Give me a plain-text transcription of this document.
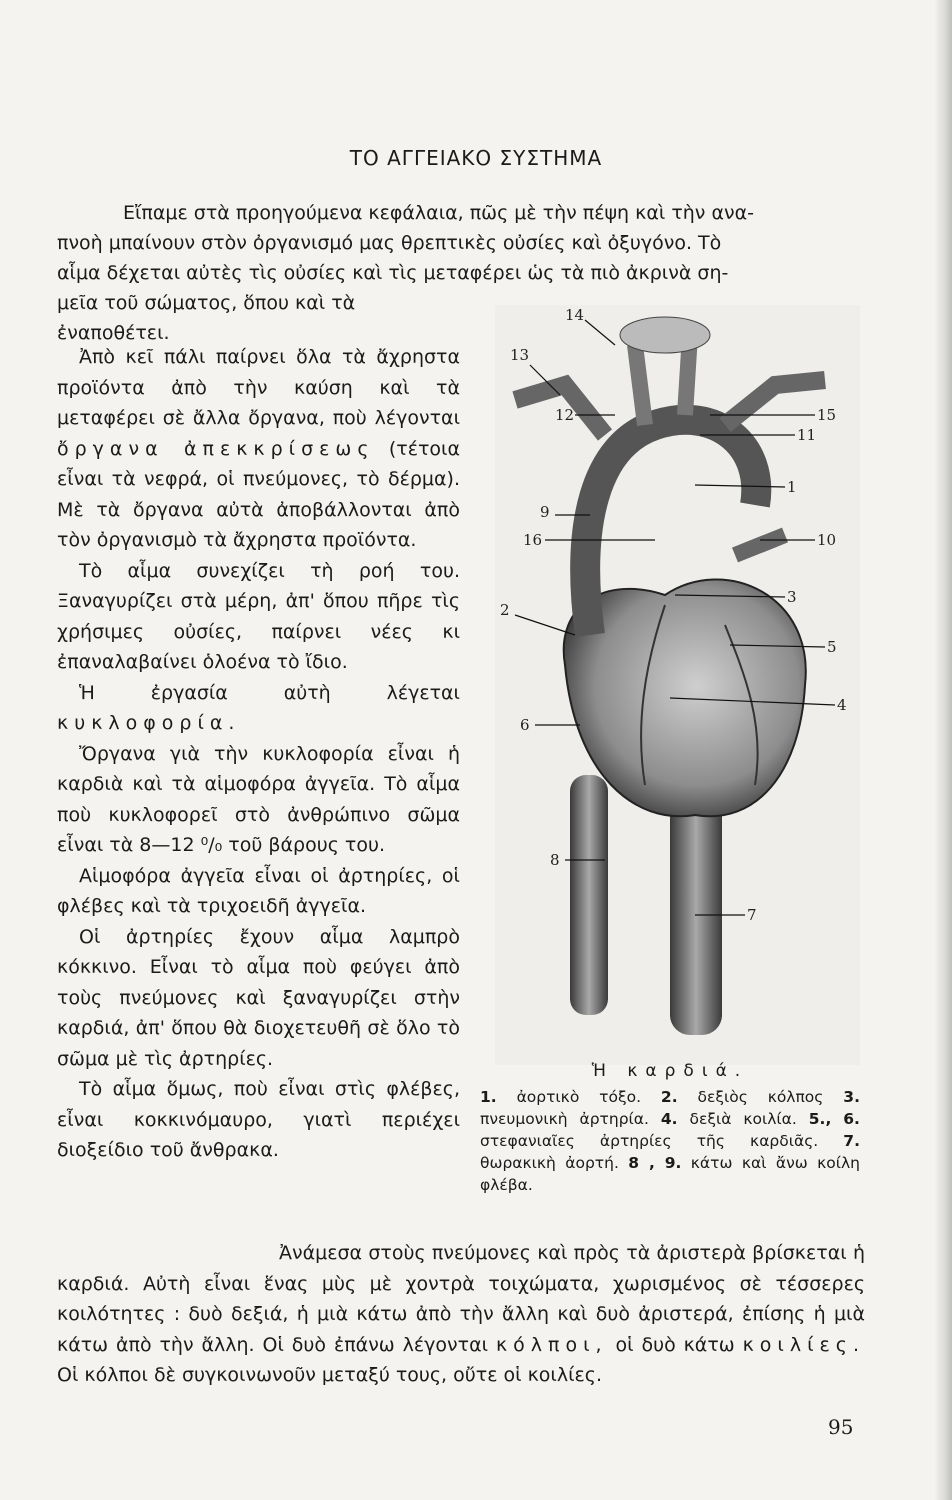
ΤΟ ΑΓΓΕΙΑΚΟ ΣΥΣΤΗΜΑ
Εἴπαμε στὰ προηγούμενα κεφάλαια, πῶς μὲ τὴν πέψη καὶ τὴν ανα-
πνοὴ μπαίνουν στὸν ὀργανισμό μας θρεπτικὲς οὐσίες καὶ ὀξυγόνο. Τὸ
αἷμα δέχεται αὐτὲς τὶς οὐσίες καὶ τὶς μεταφέρει ὡς τὰ πιὸ ἀκρινὰ ση-
μεῖα τοῦ σώματος, ὅπου καὶ τὰ
ἐναποθέτει.

Ἀπὸ κεῖ πάλι παίρνει ὅλα τὰ ἄχρηστα προϊόντα ἀπὸ τὴν καύση καὶ τὰ μεταφέρει σὲ ἄλλα ὄργανα, ποὺ λέγονται ὄργανα ἀπεκκρίσεως (τέτοια εἶναι τὰ νεφρά, οἱ πνεύμονες, τὸ δέρμα). Μὲ τὰ ὄργανα αὐτὰ ἀποβάλλονται ἀπὸ τὸν ὀργανισμὸ τὰ ἄχρηστα προϊόντα.

Τὸ αἷμα συνεχίζει τὴ ροή του. Ξαναγυρίζει στὰ μέρη, ἀπ' ὅπου πῆρε τὶς χρήσιμες οὐσίες, παίρνει νέες κι ἐπαναλαβαίνει ὁλοένα τὸ ἴδιο.

Ἡ ἐργασία αὐτὴ λέγεται κυκλοφορία.

Ὄργανα γιὰ τὴν κυκλοφορία εἶναι ἡ καρδιὰ καὶ τὰ αἱμοφόρα ἀγγεῖα. Τὸ αἷμα ποὺ κυκλοφορεῖ στὸ ἀνθρώπινο σῶμα εἶναι τὰ 8—12 ⁰/₀ τοῦ βάρους του.

Αἱμοφόρα ἀγγεῖα εἶναι οἱ ἀρτηρίες, οἱ φλέβες καὶ τὰ τριχοειδῆ ἀγγεῖα.

Οἱ ἀρτηρίες ἔχουν αἷμα λαμπρὸ κόκκινο. Εἶναι τὸ αἷμα ποὺ φεύγει ἀπὸ τοὺς πνεύμονες καὶ ξαναγυρίζει στὴν καρδιά, ἀπ' ὅπου θὰ διοχετευθῆ σὲ ὅλο τὸ σῶμα μὲ τὶς ἀρτηρίες.

Τὸ αἷμα ὅμως, ποὺ εἶναι στὶς φλέβες, εἶναι κοκκινόμαυρο, γιατὶ περιέχει διοξείδιο τοῦ ἄνθρακα.

1
2
3
4
5
6
7
8
9
10
11
12
13
14
15
16
Ἡ καρδιά.
1. ἀορτικὸ τόξο. 2. δεξιὸς κόλπος 3. πνευμονικὴ ἀρτηρία. 4. δεξιὰ κοιλία. 5., 6. στεφανιαῖες ἀρτηρίες τῆς καρδιᾶς. 7. θωρακικὴ ἀορτή. 8 , 9. κάτω καὶ ἄνω κοίλη φλέβα.
Ἀνάμεσα στοὺς πνεύμονες καὶ πρὸς τὰ ἀριστερὰ βρίσκεται ἡ καρδιά. Αὐτὴ εἶναι ἕνας μὺς μὲ χοντρὰ τοιχώματα, χωρισμένος σὲ τέσσερες κοιλότητες : δυὸ δεξιά, ἡ μιὰ κάτω ἀπὸ τὴν ἄλλη καὶ δυὸ ἀριστερά, ἐπίσης ἡ μιὰ κάτω ἀπὸ τὴν ἄλλη. Οἱ δυὸ ἐπάνω λέγονται κόλποι, οἱ δυὸ κάτω κοιλίες. Οἱ κόλποι δὲ συγκοινωνοῦν μεταξύ τους, οὔτε οἱ κοιλίες.
95
